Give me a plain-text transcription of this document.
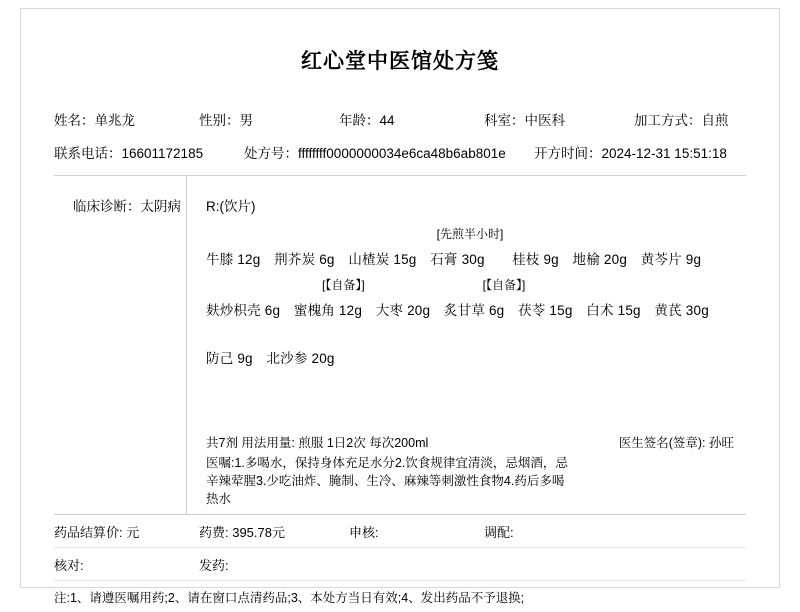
红心堂中医馆处方笺
姓名：单兆龙	性别：男	年龄：44	科室：中医科	加工方式：自煎
联系电话：16601172185	处方号：ffffffff0000000034e6ca48b6ab801e	开方时间：2024-12-31 15:51:18
临床诊断：太阴病	R:(饮片)
[先煎半小时]
牛膝 12g　荆芥炭 6g　山楂炭 15g　石膏 30g　　桂枝 9g　地榆 20g　黄芩片 9g
[【自备】]	[【自备】]
麸炒枳壳 6g　蜜槐角 12g　大枣 20g　炙甘草 6g　茯苓 15g　白术 15g　黄芪 30g
防己 9g　北沙参 20g
共7剂 用法用量: 煎服 1日2次 每次200ml	医生签名(签章): 孙旺
医嘱:1.多喝水，保持身体充足水分2.饮食规律宜清淡，忌烟酒，忌
辛辣荤腥3.少吃油炸、腌制、生冷、麻辣等刺激性食物4.药后多喝
热水
药品结算价: 元	药费: 395.78元	申核:	调配:
核对:	发药:
注:1、请遵医嘱用药;2、请在窗口点清药品;3、本处方当日有效;4、发出药品不予退换;
